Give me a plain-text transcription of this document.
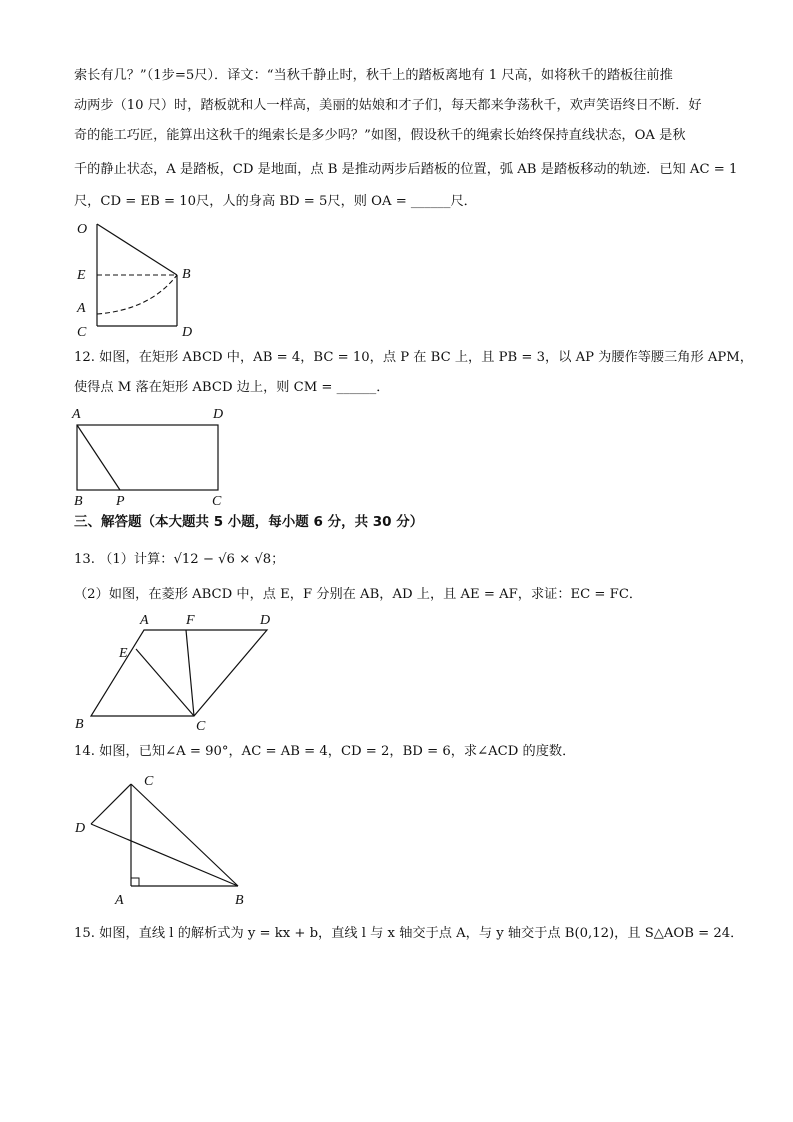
索长有几？”（1步=5尺）．译文：“当秋千静止时，秋千上的踏板离地有 1 尺高，如将秋千的踏板往前推
动两步（10 尺）时，踏板就和人一样高，美丽的姑娘和才子们，每天都来争荡秋千，欢声笑语终日不断．好
奇的能工巧匠，能算出这秋千的绳索长是多少吗？”如图，假设秋千的绳索长始终保持直线状态，OA 是秋
千的静止状态，A 是踏板，CD 是地面，点 B 是推动两步后踏板的位置，弧 AB 是踏板移动的轨迹．已知 AC = 1
尺，CD = EB = 10尺，人的身高 BD = 5尺，则 OA = ______尺．
O
E
A
C
B
D
12. 如图，在矩形 ABCD 中，AB = 4，BC = 10，点 P 在 BC 上，且 PB = 3，以 AP 为腰作等腰三角形 APM，
使得点 M 落在矩形 ABCD 边上，则 CM = ______．
A	D
B P	C
三、解答题（本大题共 5 小题，每小题 6 分，共 30 分）
13. （1）计算：√12 − √6 × √8；
（2）如图，在菱形 ABCD 中，点 E，F 分别在 AB，AD 上，且 AE = AF，求证：EC = FC．
A	F	D
E
B	C
14. 如图，已知∠A = 90°，AC = AB = 4，CD = 2，BD = 6，求∠ACD 的度数．
C
D
A	B
15. 如图，直线 l 的解析式为 y = kx + b，直线 l 与 x 轴交于点 A，与 y 轴交于点 B(0,12)，且 S△AOB = 24．
